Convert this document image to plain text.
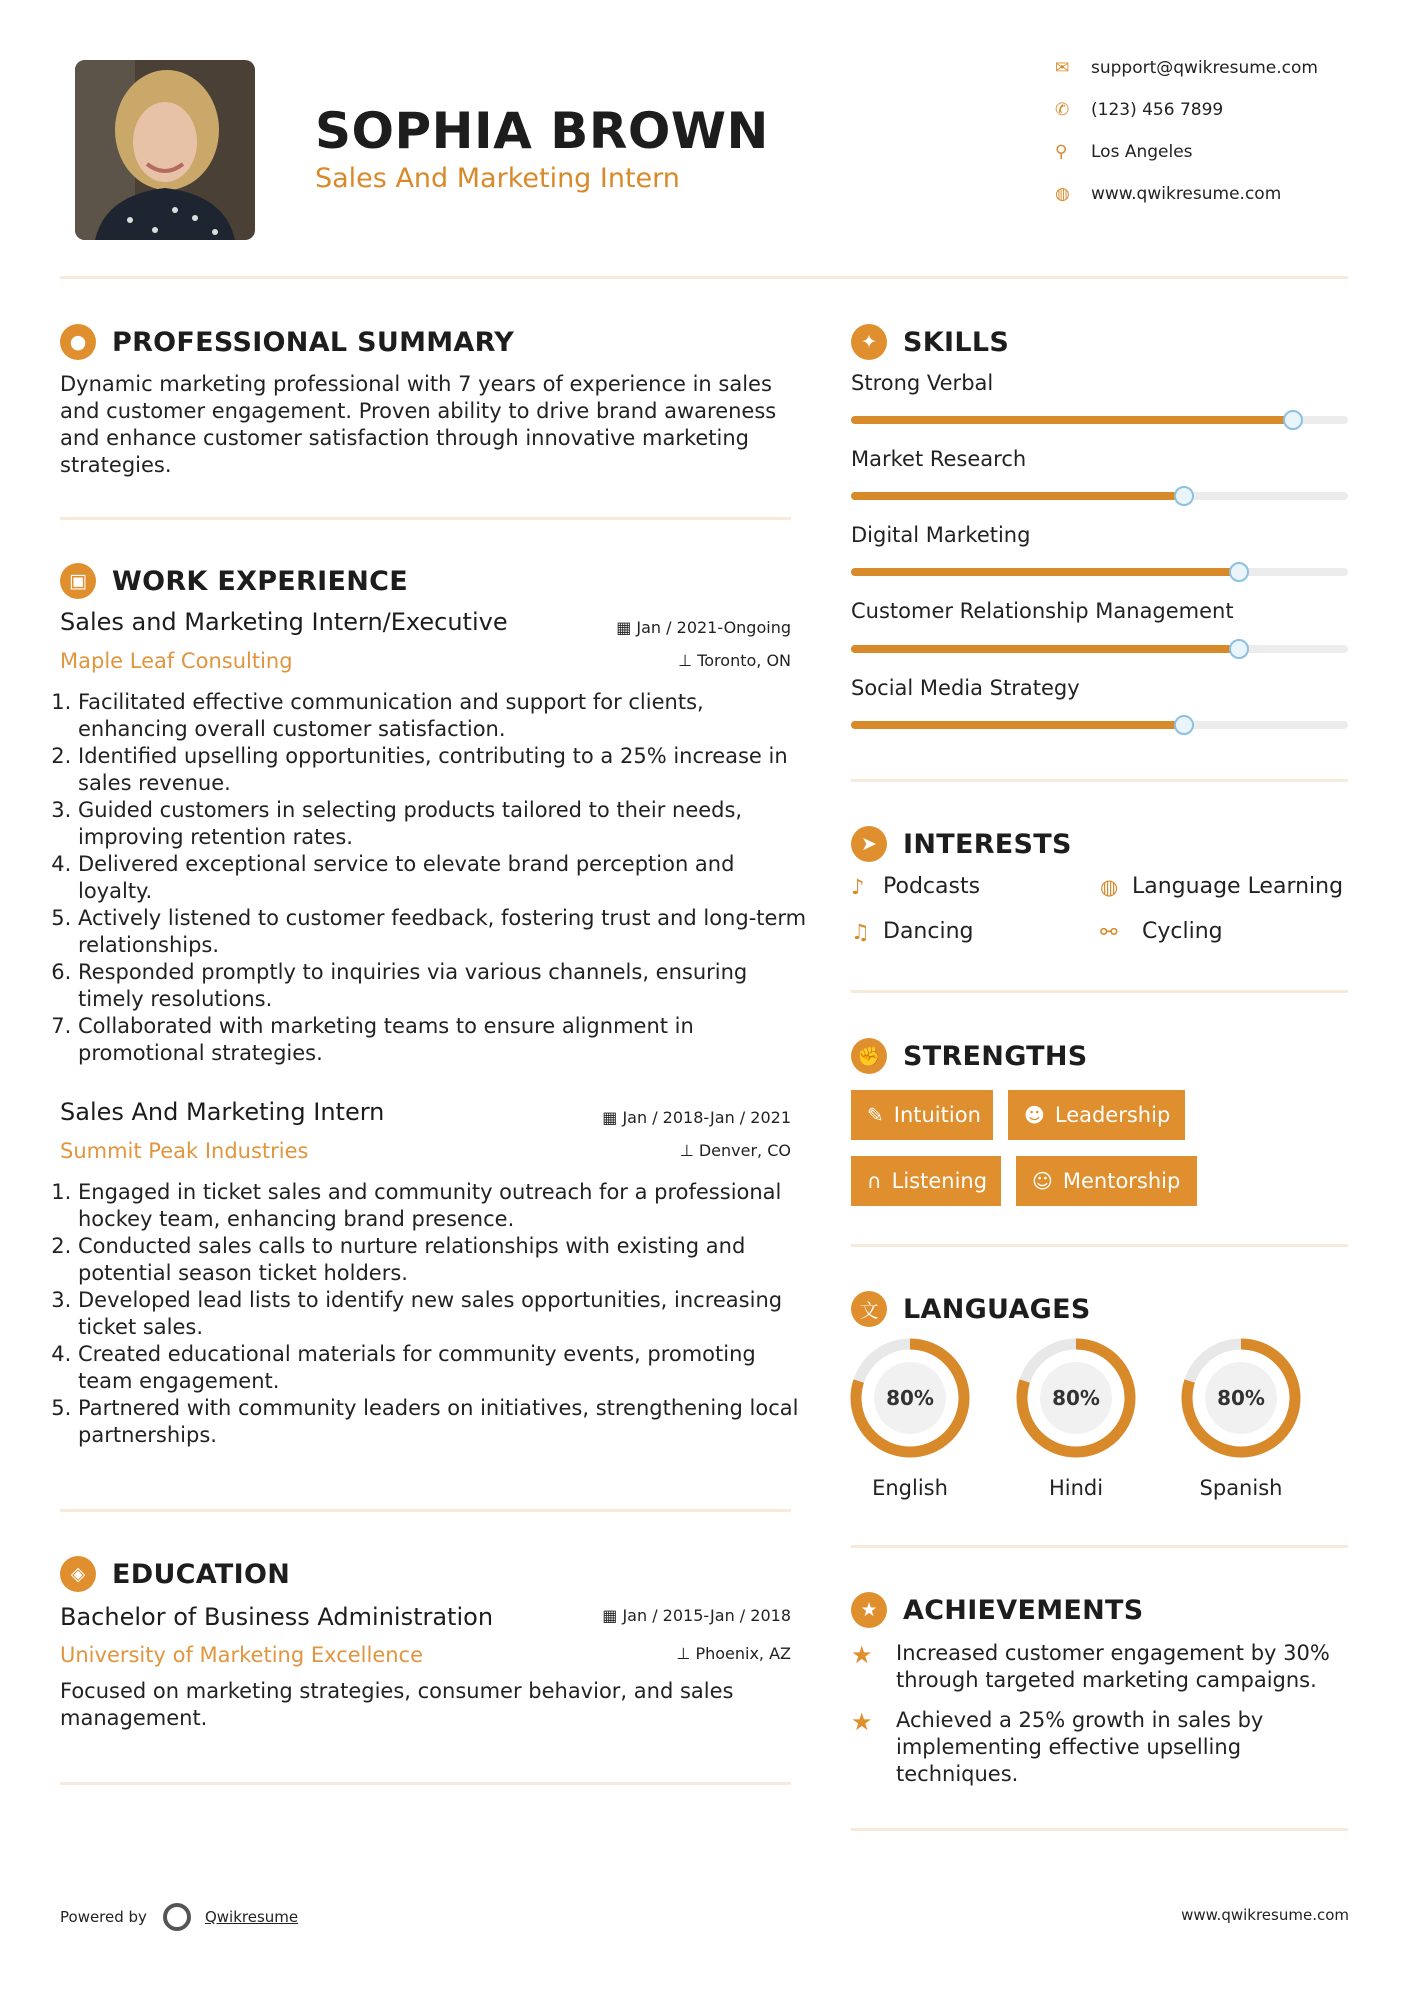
SOPHIA BROWN
Sales And Marketing Intern
✉	support@qwikresume.com
✆	(123) 456 7899
⚲	Los Angeles
◍	www.qwikresume.com
● PROFESSIONAL SUMMARY
Dynamic marketing professional with 7 years of experience in sales and customer engagement. Proven ability to drive brand awareness and enhance customer satisfaction through innovative marketing strategies.
▣ WORK EXPERIENCE
Sales and Marketing Intern/Executive	▦ Jan / 2021-Ongoing
Maple Leaf Consulting	⊥ Toronto, ON
1. Facilitated effective communication and support for clients, enhancing overall customer satisfaction.
2. Identified upselling opportunities, contributing to a 25% increase in sales revenue.
3. Guided customers in selecting products tailored to their needs, improving retention rates.
4. Delivered exceptional service to elevate brand perception and loyalty.
5. Actively listened to customer feedback, fostering trust and long-term relationships.
6. Responded promptly to inquiries via various channels, ensuring timely resolutions.
7. Collaborated with marketing teams to ensure alignment in promotional strategies.
Sales And Marketing Intern	▦ Jan / 2018-Jan / 2021
Summit Peak Industries	⊥ Denver, CO
1. Engaged in ticket sales and community outreach for a professional hockey team, enhancing brand presence.
2. Conducted sales calls to nurture relationships with existing and potential season ticket holders.
3. Developed lead lists to identify new sales opportunities, increasing ticket sales.
4. Created educational materials for community events, promoting team engagement.
5. Partnered with community leaders on initiatives, strengthening local partnerships.
◈ EDUCATION
Bachelor of Business Administration	▦ Jan / 2015-Jan / 2018
University of Marketing Excellence	⊥ Phoenix, AZ
Focused on marketing strategies, consumer behavior, and sales management.
✦ SKILLS
Strong Verbal
Market Research
Digital Marketing
Customer Relationship Management
Social Media Strategy
➤ INTERESTS
♪ Podcasts	◍ Language Learning
♫ Dancing	⚯	Cycling
✊ STRENGTHS
✎ Intuition ☻ Leadership
∩ Listening ☺ Mentorship
文 LANGUAGES
80%
English
80%
Hindi
80%
Spanish
★ ACHIEVEMENTS
★	Increased customer engagement by 30% through targeted marketing campaigns.
★	Achieved a 25% growth in sales by implementing effective upselling techniques.
Powered by	Qwikresume	www.qwikresume.com
